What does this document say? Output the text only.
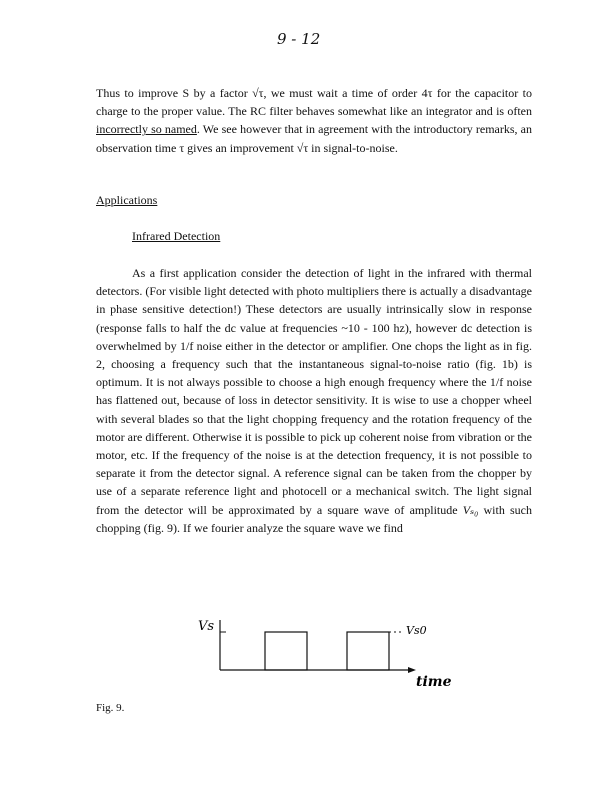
9 - 12

Thus to improve S by a factor √τ, we must wait a time of order 4τ for the capacitor to charge to the proper value. The RC filter behaves somewhat like an integrator and is often incorrectly so named. We see however that in agreement with the introductory remarks, an observation time τ gives an improvement √τ in signal-to-noise.

Applications

Infrared Detection

As a first application consider the detection of light in the infrared with thermal detectors. (For visible light detected with photo multipliers there is actually a disadvantage in phase sensitive detection!) These detectors are usually intrinsically slow in response (response falls to half the dc value at frequencies ~10 - 100 hz), however dc detection is overwhelmed by 1/f noise either in the detector or amplifier. One chops the light as in fig. 2, choosing a frequency such that the instantaneous signal-to-noise ratio (fig. 1b) is optimum. It is not always possible to choose a high enough frequency where the 1/f noise has flattened out, because of loss in detector sensitivity. It is wise to use a chopper wheel with several blades so that the light chopping frequency and the rotation frequency of the motor are different. Otherwise it is possible to pick up coherent noise from vibration or the motor, etc. If the frequency of the noise is at the detection frequency, it is not possible to separate it from the detector signal. A reference signal can be taken from the chopper by use of a separate reference light and photocell or a mechanical switch. The light signal from the detector will be approximated by a square wave of amplitude Vₛ₀ with such chopping (fig. 9). If we fourier analyze the square wave we find

Vs	Vs0
time

Fig. 9.
